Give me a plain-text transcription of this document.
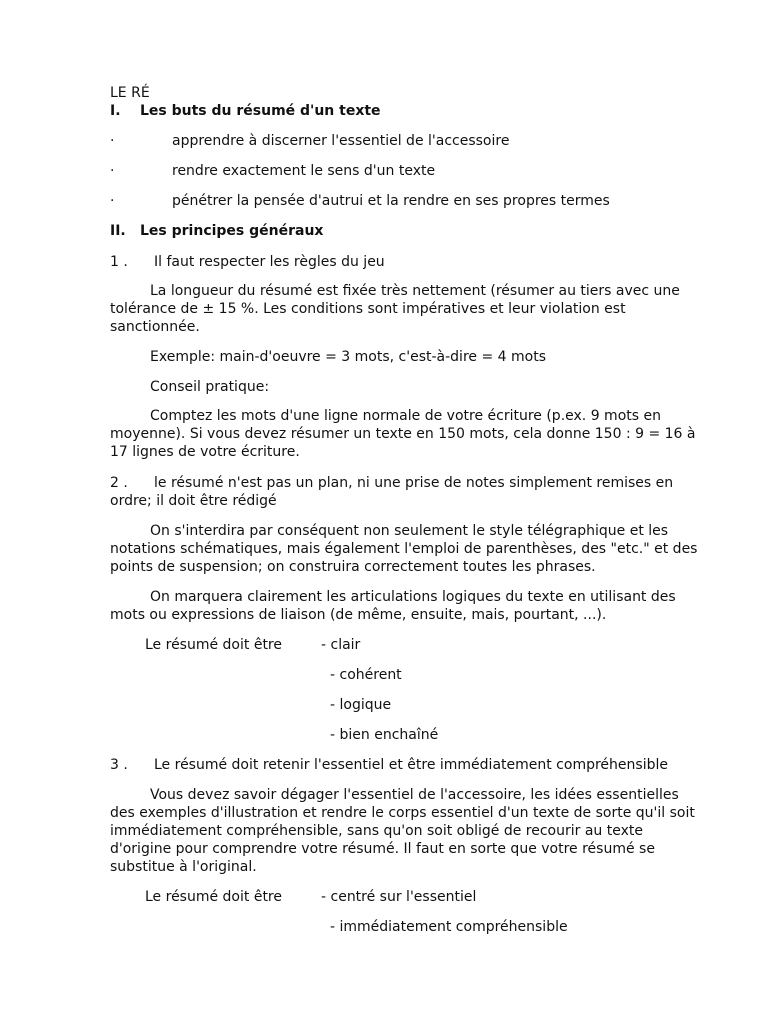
LE RÉ
I.	Les buts du résumé d'un texte
·	apprendre à discerner l'essentiel de l'accessoire
·	rendre exactement le sens d'un texte
·	pénétrer la pensée d'autrui et la rendre en ses propres termes
II.	Les principes généraux
1 .	Il faut respecter les règles du jeu
La longueur du résumé est fixée très nettement (résumer au tiers avec une tolérance de ± 15 %. Les conditions sont impératives et leur violation est sanctionnée.
Exemple: main-d'oeuvre = 3 mots, c'est-à-dire = 4 mots
Conseil pratique:
Comptez les mots d'une ligne normale de votre écriture (p.ex. 9 mots en moyenne). Si vous devez résumer un texte en 150 mots, cela donne 150 : 9 = 16 à 17 lignes de votre écriture.
2 . le résumé n'est pas un plan, ni une prise de notes simplement remises en ordre; il doit être rédigé
On s'interdira par conséquent non seulement le style télégraphique et les notations schématiques, mais également l'emploi de parenthèses, des "etc." et des points de suspension; on construira correctement toutes les phrases.
On marquera clairement les articulations logiques du texte en utilisant des mots ou expressions de liaison (de même, ensuite, mais, pourtant, ...).
Le résumé doit être	- clair
- cohérent
- logique
- bien enchaîné
3 .	Le résumé doit retenir l'essentiel et être immédiatement compréhensible
Vous devez savoir dégager l'essentiel de l'accessoire, les idées essentielles des exemples d'illustration et rendre le corps essentiel d'un texte de sorte qu'il soit immédiatement compréhensible, sans qu'on soit obligé de recourir au texte d'origine pour comprendre votre résumé. Il faut en sorte que votre résumé se substitue à l'original.
Le résumé doit être	- centré sur l'essentiel
- immédiatement compréhensible
